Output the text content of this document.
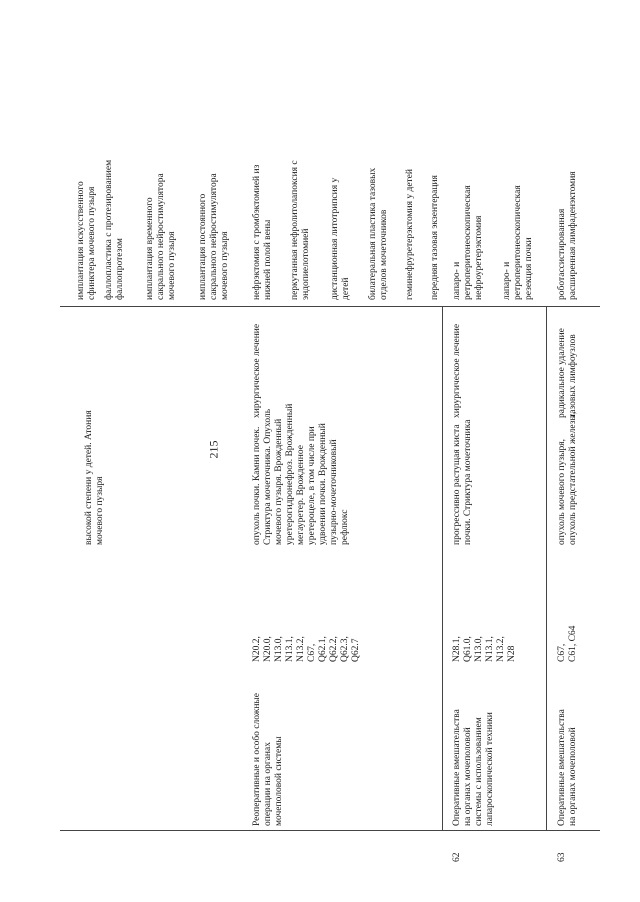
215
высокой степени у детей. Атония
мочевого пузыря
имплантация искусственного
сфинктера мочевого пузыря
фаллопластика с протезированием
фаллопротезом имплантация временного
сакрального нейростимулятора
мочевого пузыря
имплантация постоянного
сакрального нейростимулятора
мочевого пузыря
Реоперативные и особо сложные
операции на органах
мочеполовой системы
N20.2,
N20.0,
N13.0,
N13.1,
N13.2,
C67,
Q62.1,
Q62.2,
Q62.3,
Q62.7
опухоль почки. Камни почек.
Стриктура мочеточника. Опухоль
мочевого пузыря. Врожденный
уретерогидронефроз. Врожденный
мегауретер. Врожденное
уретероцеле, в том числе при
удвоении почки. Врожденный
пузырно-мочеточниковый
рефлюкс
хирургическое лечение
нефрэктомия с тромбэктомией из
нижней полой вены
перкутанная нефролитолапоксия с
эндопиелотомией дистанционная литотрипсия у
детей билатеральная пластика тазовых
отделов мочеточников геминефруретерэктомия у детей	передняя тазовая экзентерация
62
Оперативные вмешательства
на органах мочеполовой
системы с использованием
лапароскопической техники
N28.1,
Q61.0,
N13.0,
N13.1,
N13.2,
N28
прогрессивно растущая киста
почки. Стриктура мочеточника
хирургическое лечение
лапаро- и
ретроперитонеоскопическая
нефроуретерэктомия лапаро- и
ретроперитонеоскопическая
резекция почки
63
Оперативные вмешательства
на органах мочеполовой
C67,
C61, C64
опухоль мочевого пузыря,
опухоль предстательной железы,
радикальное удаление
тазовых лимфоузлов
роботассистированная
расширенная лимфаденэктомия
